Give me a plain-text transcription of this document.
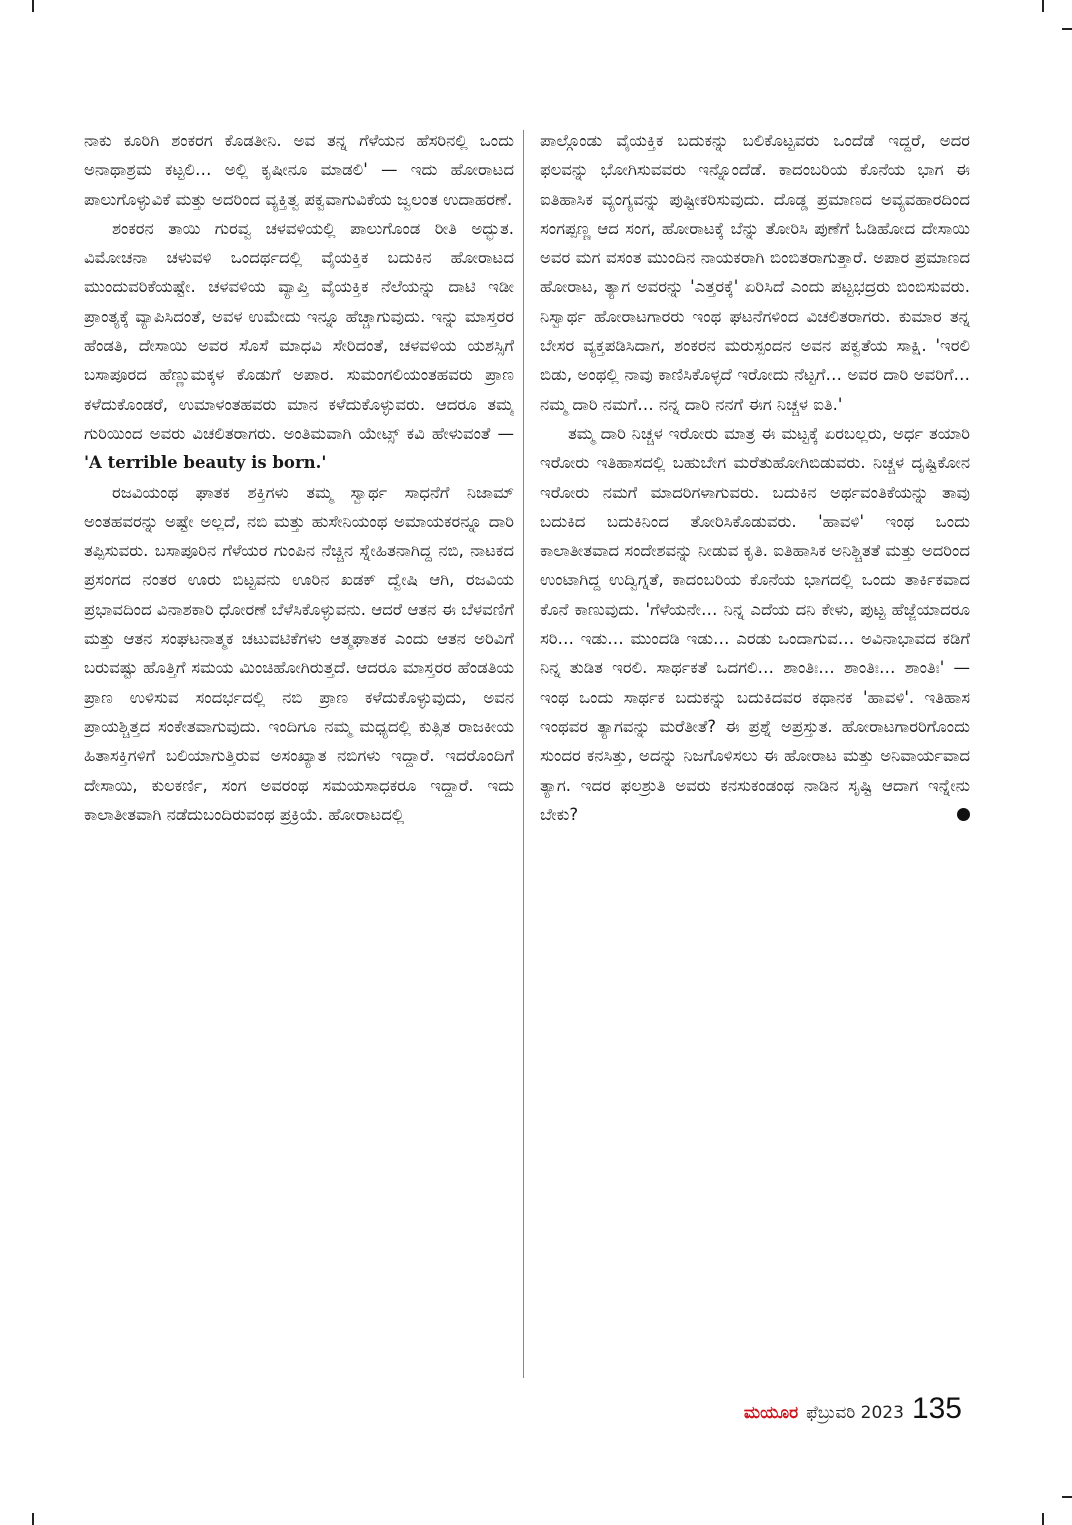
ನಾಕು ಕೂರಿಗಿ ಶಂಕರಗ ಕೊಡತೀನಿ. ಅವ ತನ್ನ ಗೆಳೆಯನ ಹೆಸರಿನಲ್ಲಿ ಒಂದು ಅನಾಥಾಶ್ರಮ ಕಟ್ಟಲಿ… ಅಲ್ಲಿ ಕೃಷೀನೂ ಮಾಡಲಿ' — ಇದು ಹೋರಾಟದ ಪಾಲುಗೊಳ್ಳುವಿಕೆ ಮತ್ತು ಅದರಿಂದ ವ್ಯಕ್ತಿತ್ವ ಪಕ್ವವಾಗುವಿಕೆಯ ಜ್ವಲಂತ ಉದಾಹರಣೆ.

ಶಂಕರನ ತಾಯಿ ಗುರವ್ವ ಚಳವಳಿಯಲ್ಲಿ ಪಾಲುಗೊಂಡ ರೀತಿ ಅದ್ಭುತ. ವಿಮೋಚನಾ ಚಳುವಳಿ ಒಂದರ್ಥದಲ್ಲಿ ವೈಯಕ್ತಿಕ ಬದುಕಿನ ಹೋರಾಟದ ಮುಂದುವರಿಕೆಯಷ್ಟೇ. ಚಳವಳಿಯ ವ್ಯಾಪ್ತಿ ವೈಯಕ್ತಿಕ ನೆಲೆಯನ್ನು ದಾಟಿ ಇಡೀ ಪ್ರಾಂತ್ಯಕ್ಕೆ ವ್ಯಾಪಿಸಿದಂತೆ, ಅವಳ ಉಮೇದು ಇನ್ನೂ ಹೆಚ್ಚಾಗುವುದು. ಇನ್ನು ಮಾಸ್ತರರ ಹೆಂಡತಿ, ದೇಸಾಯಿ ಅವರ ಸೊಸೆ ಮಾಧವಿ ಸೇರಿದಂತೆ, ಚಳವಳಿಯ ಯಶಸ್ಸಿಗೆ ಬಸಾಪೂರದ ಹೆಣ್ಣುಮಕ್ಕಳ ಕೊಡುಗೆ ಅಪಾರ. ಸುಮಂಗಲಿಯಂತಹವರು ಪ್ರಾಣ ಕಳೆದುಕೊಂಡರೆ, ಉಮಾಳಂತಹವರು ಮಾನ ಕಳೆದುಕೊಳ್ಳುವರು. ಆದರೂ ತಮ್ಮ ಗುರಿಯಿಂದ ಅವರು ವಿಚಲಿತರಾಗರು. ಅಂತಿಮವಾಗಿ ಯೇಟ್ಸ್ ಕವಿ ಹೇಳುವಂತೆ — 'A terrible beauty is born.'

ರಜವಿಯಂಥ ಘಾತಕ ಶಕ್ತಿಗಳು ತಮ್ಮ ಸ್ವಾರ್ಥ ಸಾಧನೆಗೆ ನಿಜಾಮ್ ಅಂತಹವರನ್ನು ಅಷ್ಟೇ ಅಲ್ಲದೆ, ನಬಿ ಮತ್ತು ಹುಸೇನಿಯಂಥ ಅಮಾಯಕರನ್ನೂ ದಾರಿ ತಪ್ಪಿಸುವರು. ಬಸಾಪೂರಿನ ಗೆಳೆಯರ ಗುಂಪಿನ ನೆಚ್ಚಿನ ಸ್ನೇಹಿತನಾಗಿದ್ದ ನಬಿ, ನಾಟಕದ ಪ್ರಸಂಗದ ನಂತರ ಊರು ಬಿಟ್ಟವನು ಊರಿನ ಖಡಕ್ ದ್ವೇಷಿ ಆಗಿ, ರಜವಿಯ ಪ್ರಭಾವದಿಂದ ವಿನಾಶಕಾರಿ ಧೋರಣೆ ಬೆಳೆಸಿಕೊಳ್ಳುವನು. ಆದರೆ ಆತನ ಈ ಬೆಳವಣಿಗೆ ಮತ್ತು ಆತನ ಸಂಘಟನಾತ್ಮಕ ಚಟುವಟಿಕೆಗಳು ಆತ್ಮಘಾತಕ ಎಂದು ಆತನ ಅರಿವಿಗೆ ಬರುವಷ್ಟು ಹೊತ್ತಿಗೆ ಸಮಯ ಮಿಂಚಿಹೋಗಿರುತ್ತದೆ. ಆದರೂ ಮಾಸ್ತರರ ಹೆಂಡತಿಯ ಪ್ರಾಣ ಉಳಿಸುವ ಸಂದರ್ಭದಲ್ಲಿ ನಬಿ ಪ್ರಾಣ ಕಳೆದುಕೊಳ್ಳುವುದು, ಅವನ ಪ್ರಾಯಶ್ಚಿತ್ತದ ಸಂಕೇತವಾಗುವುದು. ಇಂದಿಗೂ ನಮ್ಮ ಮಧ್ಯದಲ್ಲಿ ಕುತ್ಸಿತ ರಾಜಕೀಯ ಹಿತಾಸಕ್ತಿಗಳಿಗೆ ಬಲಿಯಾಗುತ್ತಿರುವ ಅಸಂಖ್ಯಾತ ನಬಿಗಳು ಇದ್ದಾರೆ. ಇದರೊಂದಿಗೆ ದೇಸಾಯಿ, ಕುಲಕರ್ಣಿ, ಸಂಗ ಅವರಂಥ ಸಮಯಸಾಧಕರೂ ಇದ್ದಾರೆ. ಇದು ಕಾಲಾತೀತವಾಗಿ ನಡೆದುಬಂದಿರುವಂಥ ಪ್ರಕ್ರಿಯೆ. ಹೋರಾಟದಲ್ಲಿ

ಪಾಲ್ಗೊಂಡು ವೈಯಕ್ತಿಕ ಬದುಕನ್ನು ಬಲಿಕೊಟ್ಟವರು ಒಂದೆಡೆ ಇದ್ದರೆ, ಅದರ ಫಲವನ್ನು ಭೋಗಿಸುವವರು ಇನ್ನೊಂದೆಡೆ. ಕಾದಂಬರಿಯ ಕೊನೆಯ ಭಾಗ ಈ ಐತಿಹಾಸಿಕ ವ್ಯಂಗ್ಯವನ್ನು ಪುಷ್ಟೀಕರಿಸುವುದು. ದೊಡ್ಡ ಪ್ರಮಾಣದ ಅವ್ಯವಹಾರದಿಂದ ಸಂಗಪ್ಪಣ್ಣ ಆದ ಸಂಗ, ಹೋರಾಟಕ್ಕೆ ಬೆನ್ನು ತೋರಿಸಿ ಪುಣೆಗೆ ಓಡಿಹೋದ ದೇಸಾಯಿ ಅವರ ಮಗ ವಸಂತ ಮುಂದಿನ ನಾಯಕರಾಗಿ ಬಿಂಬಿತರಾಗುತ್ತಾರೆ. ಅಪಾರ ಪ್ರಮಾಣದ ಹೋರಾಟ, ತ್ಯಾಗ ಅವರನ್ನು 'ಎತ್ತರಕ್ಕೆ' ಏರಿಸಿದೆ ಎಂದು ಪಟ್ಟಭದ್ರರು ಬಿಂಬಿಸುವರು. ನಿಸ್ವಾರ್ಥ ಹೋರಾಟಗಾರರು ಇಂಥ ಘಟನೆಗಳಿಂದ ವಿಚಲಿತರಾಗರು. ಕುಮಾರ ತನ್ನ ಬೇಸರ ವ್ಯಕ್ತಪಡಿಸಿದಾಗ, ಶಂಕರನ ಮರುಸ್ಪಂದನ ಅವನ ಪಕ್ವತೆಯ ಸಾಕ್ಷಿ. 'ಇರಲಿ ಬಿಡು, ಅಂಥಲ್ಲಿ ನಾವು ಕಾಣಿಸಿಕೊಳ್ಳದೆ ಇರೋದು ನೆಟ್ಟಗೆ… ಅವರ ದಾರಿ ಅವರಿಗೆ… ನಮ್ಮ ದಾರಿ ನಮಗೆ… ನನ್ನ ದಾರಿ ನನಗೆ ಈಗ ನಿಚ್ಚಳ ಐತಿ.'

ತಮ್ಮ ದಾರಿ ನಿಚ್ಚಳ ಇರೋರು ಮಾತ್ರ ಈ ಮಟ್ಟಕ್ಕೆ ಏರಬಲ್ಲರು, ಅರ್ಧ ತಯಾರಿ ಇರೋರು ಇತಿಹಾಸದಲ್ಲಿ ಬಹುಬೇಗ ಮರೆತುಹೋಗಿಬಿಡುವರು. ನಿಚ್ಚಳ ದೃಷ್ಟಿಕೋನ ಇರೋರು ನಮಗೆ ಮಾದರಿಗಳಾಗುವರು. ಬದುಕಿನ ಅರ್ಥವಂತಿಕೆಯನ್ನು ತಾವು ಬದುಕಿದ ಬದುಕಿನಿಂದ ತೋರಿಸಿಕೊಡುವರು. 'ಹಾವಳಿ' ಇಂಥ ಒಂದು ಕಾಲಾತೀತವಾದ ಸಂದೇಶವನ್ನು ನೀಡುವ ಕೃತಿ. ಐತಿಹಾಸಿಕ ಅನಿಶ್ಚಿತತೆ ಮತ್ತು ಅದರಿಂದ ಉಂಟಾಗಿದ್ದ ಉದ್ವಿಗ್ನತೆ, ಕಾದಂಬರಿಯ ಕೊನೆಯ ಭಾಗದಲ್ಲಿ ಒಂದು ತಾರ್ಕಿಕವಾದ ಕೊನೆ ಕಾಣುವುದು. 'ಗೆಳೆಯನೇ… ನಿನ್ನ ಎದೆಯ ದನಿ ಕೇಳು, ಪುಟ್ಟ ಹೆಜ್ಜೆಯಾದರೂ ಸರಿ… ಇಡು… ಮುಂದಡಿ ಇಡು… ಎರಡು ಒಂದಾಗುವ… ಅವಿನಾಭಾವದ ಕಡಿಗೆ ನಿನ್ನ ತುಡಿತ ಇರಲಿ. ಸಾರ್ಥಕತೆ ಒದಗಲಿ… ಶಾಂತಿಃ… ಶಾಂತಿಃ… ಶಾಂತಿಃ' — ಇಂಥ ಒಂದು ಸಾರ್ಥಕ ಬದುಕನ್ನು ಬದುಕಿದವರ ಕಥಾನಕ 'ಹಾವಳಿ'. ಇತಿಹಾಸ ಇಂಥವರ ತ್ಯಾಗವನ್ನು ಮರೆತೀತೆ? ಈ ಪ್ರಶ್ನೆ ಅಪ್ರಸ್ತುತ. ಹೋರಾಟಗಾರರಿಗೊಂದು ಸುಂದರ ಕನಸಿತ್ತು, ಅದನ್ನು ನಿಜಗೊಳಿಸಲು ಈ ಹೋರಾಟ ಮತ್ತು ಅನಿವಾರ್ಯವಾದ ತ್ಯಾಗ. ಇದರ ಫಲಶ್ರುತಿ ಅವರು ಕನಸುಕಂಡಂಥ ನಾಡಿನ ಸೃಷ್ಟಿ ಆದಾಗ ಇನ್ನೇನು ಬೇಕು?

ಮಯೂರ ಫೆಬ್ರುವರಿ 2023 135
